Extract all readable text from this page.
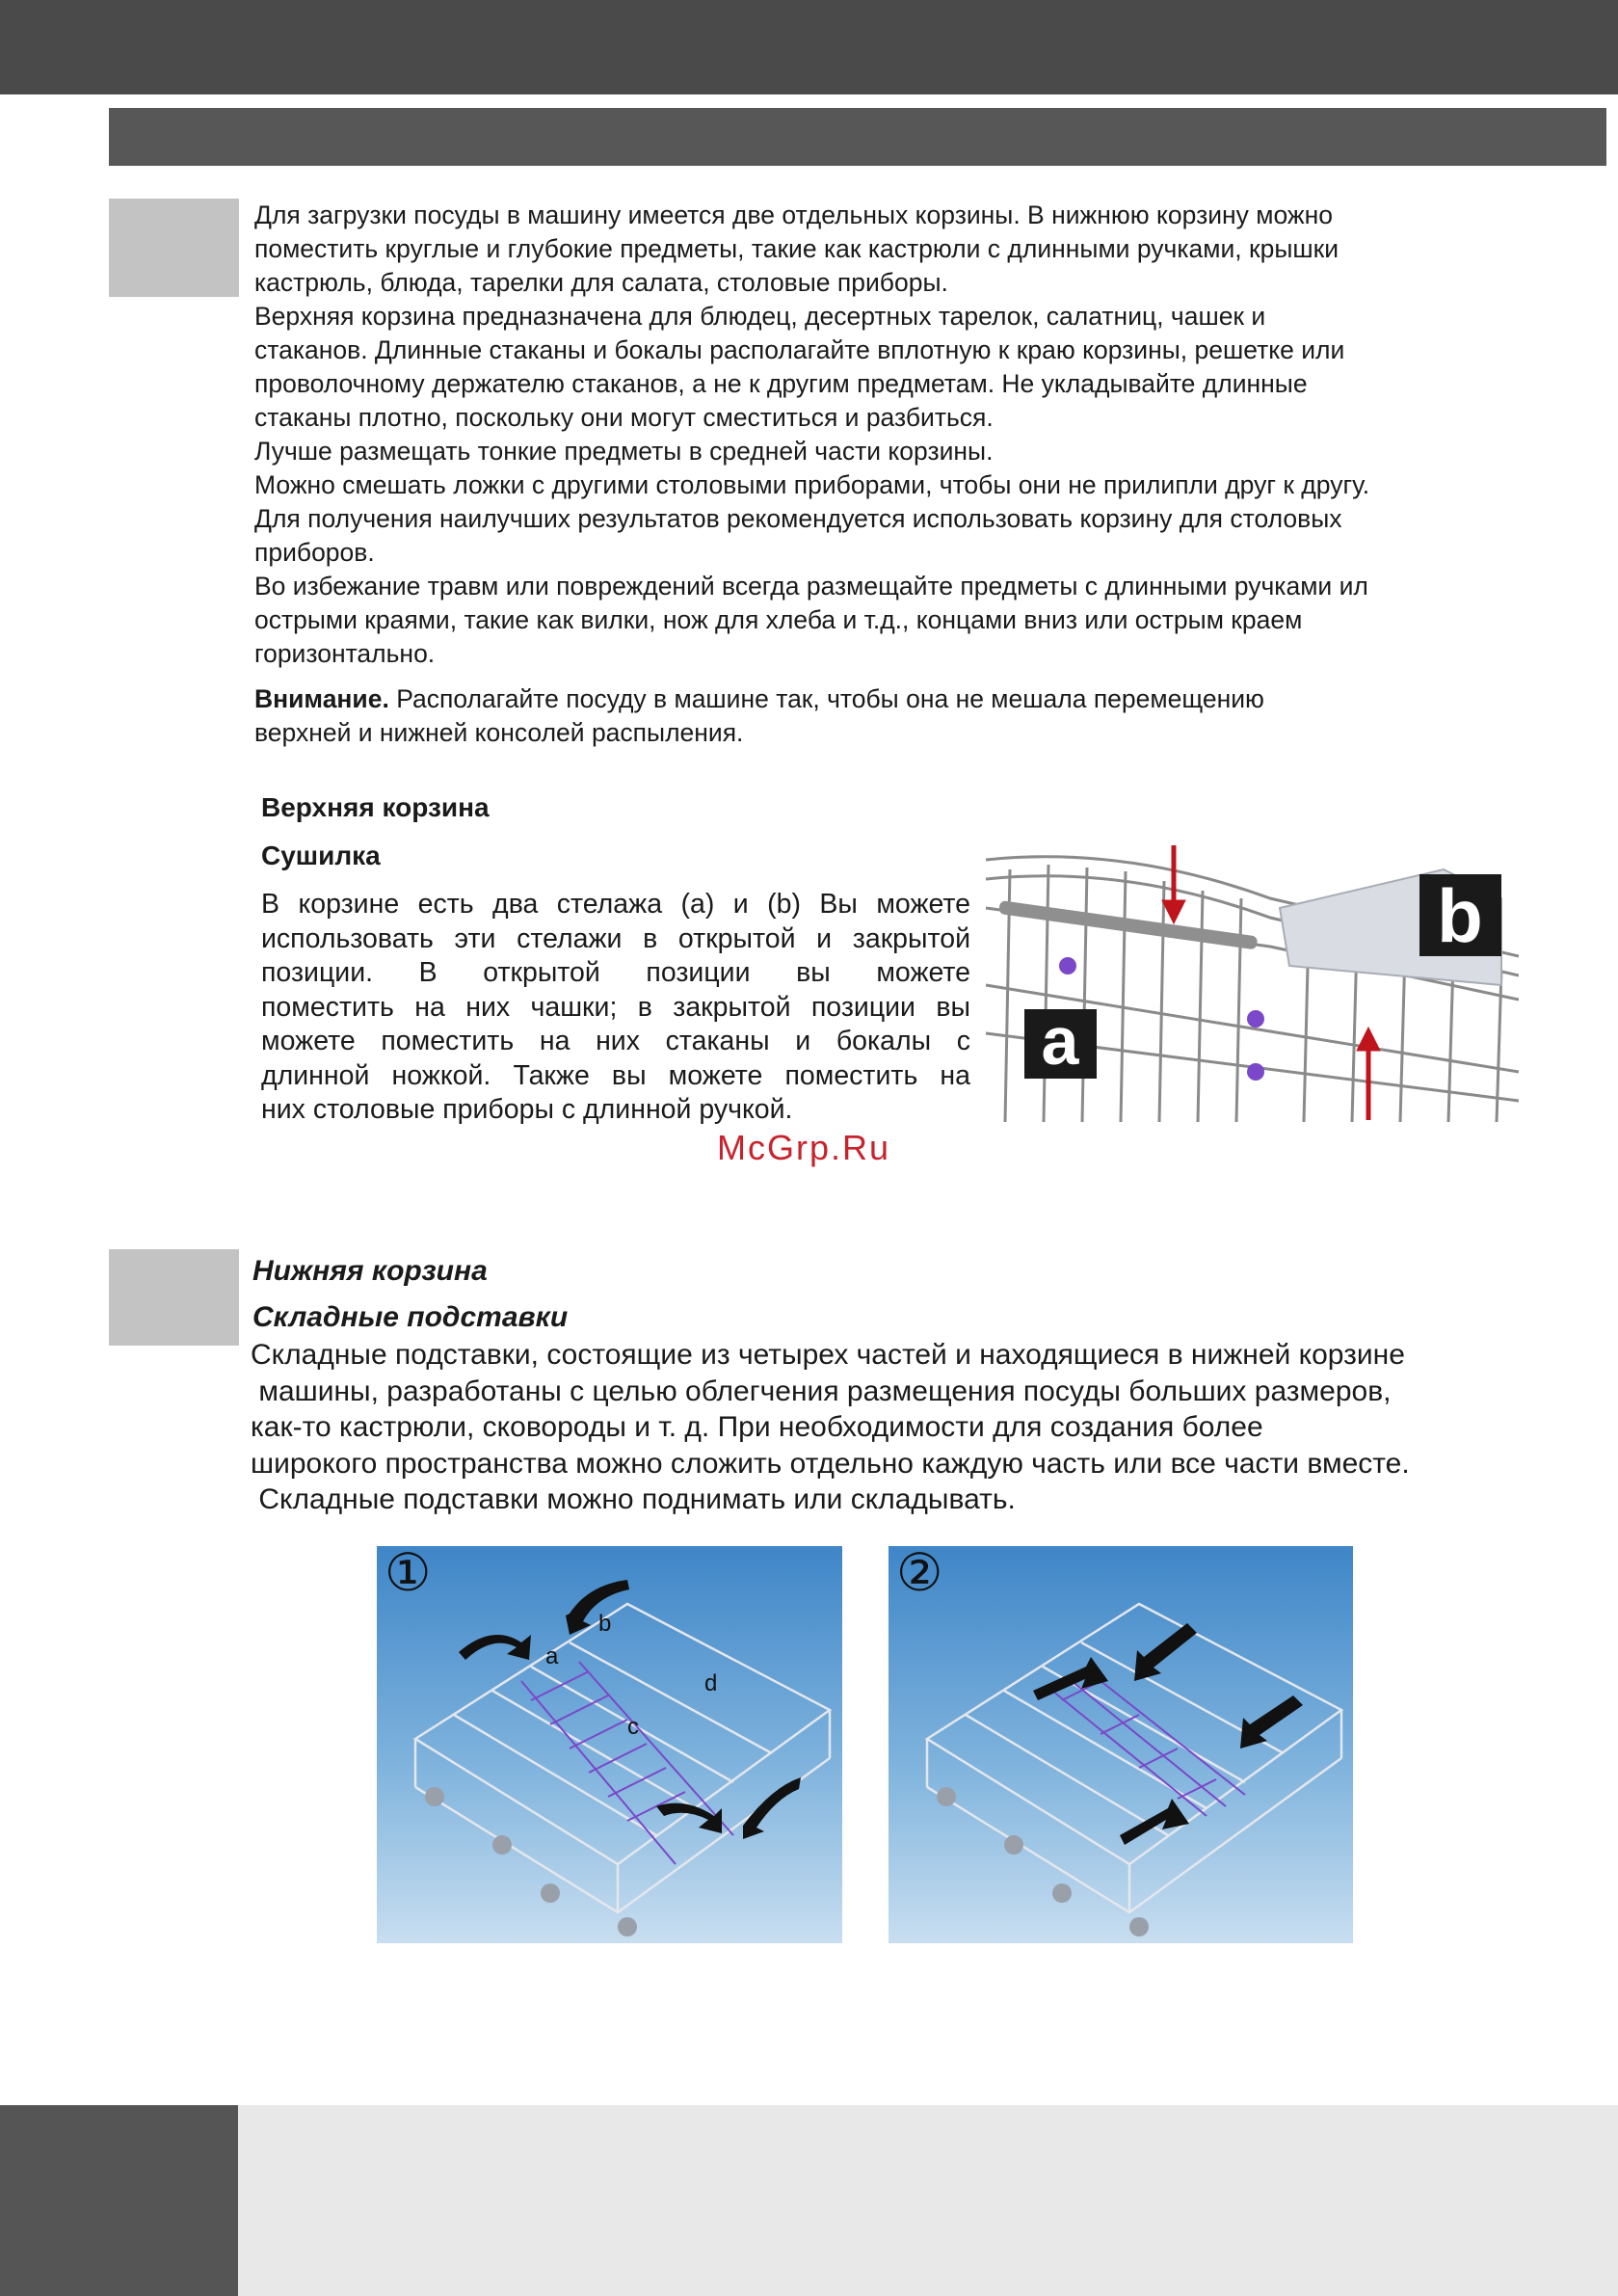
Для загрузки посуды в машину имеется две отдельных корзины. В нижнюю корзину можно

поместить круглые и глубокие предметы, такие как кастрюли с длинными ручками, крышки

кастрюль, блюда, тарелки для салата, столовые приборы.

Верхняя корзина предназначена для блюдец, десертных тарелок, салатниц, чашек и

стаканов. Длинные стаканы и бокалы располагайте вплотную к краю корзины, решетке или

проволочному держателю стаканов, а не к другим предметам. Не укладывайте длинные

стаканы плотно, поскольку они могут сместиться и разбиться.

Лучше размещать тонкие предметы в средней части корзины.

Можно смешать ложки с другими столовыми приборами, чтобы они не прилипли друг к другу.

Для получения наилучших результатов рекомендуется использовать корзину для столовых

приборов.

Во избежание травм или повреждений всегда размещайте предметы с длинными ручками ил

острыми краями, такие как вилки, нож для хлеба и т.д., концами вниз или острым краем

горизонтально.

Внимание. Располагайте посуду в машине так, чтобы она не мешала перемещению

верхней и нижней консолей распыления.

Верхняя корзина
Сушилка
В корзине есть два стелажа (а) и (b) Вы можете
использовать эти стелажи в открытой и закрытой
позиции. В открытой позиции вы можете
поместить на них чашки; в закрытой позиции вы
можете поместить на них стаканы и бокалы с
длинной ножкой. Также вы можете поместить на
них столовые приборы с длинной ручкой.
a
b
McGrp.Ru
Нижняя корзина
Складные подставки

Складные подставки, состоящие из четырех частей и находящиеся в нижней корзине

машины, разработаны с целью облегчения размещения посуды больших размеров,

как-то кастрюли, сковороды и т. д. При необходимости для создания более

широкого пространства можно сложить отдельно каждую часть или все части вместе.

Складные подставки можно поднимать или складывать.

①
a
b
c
d
②
